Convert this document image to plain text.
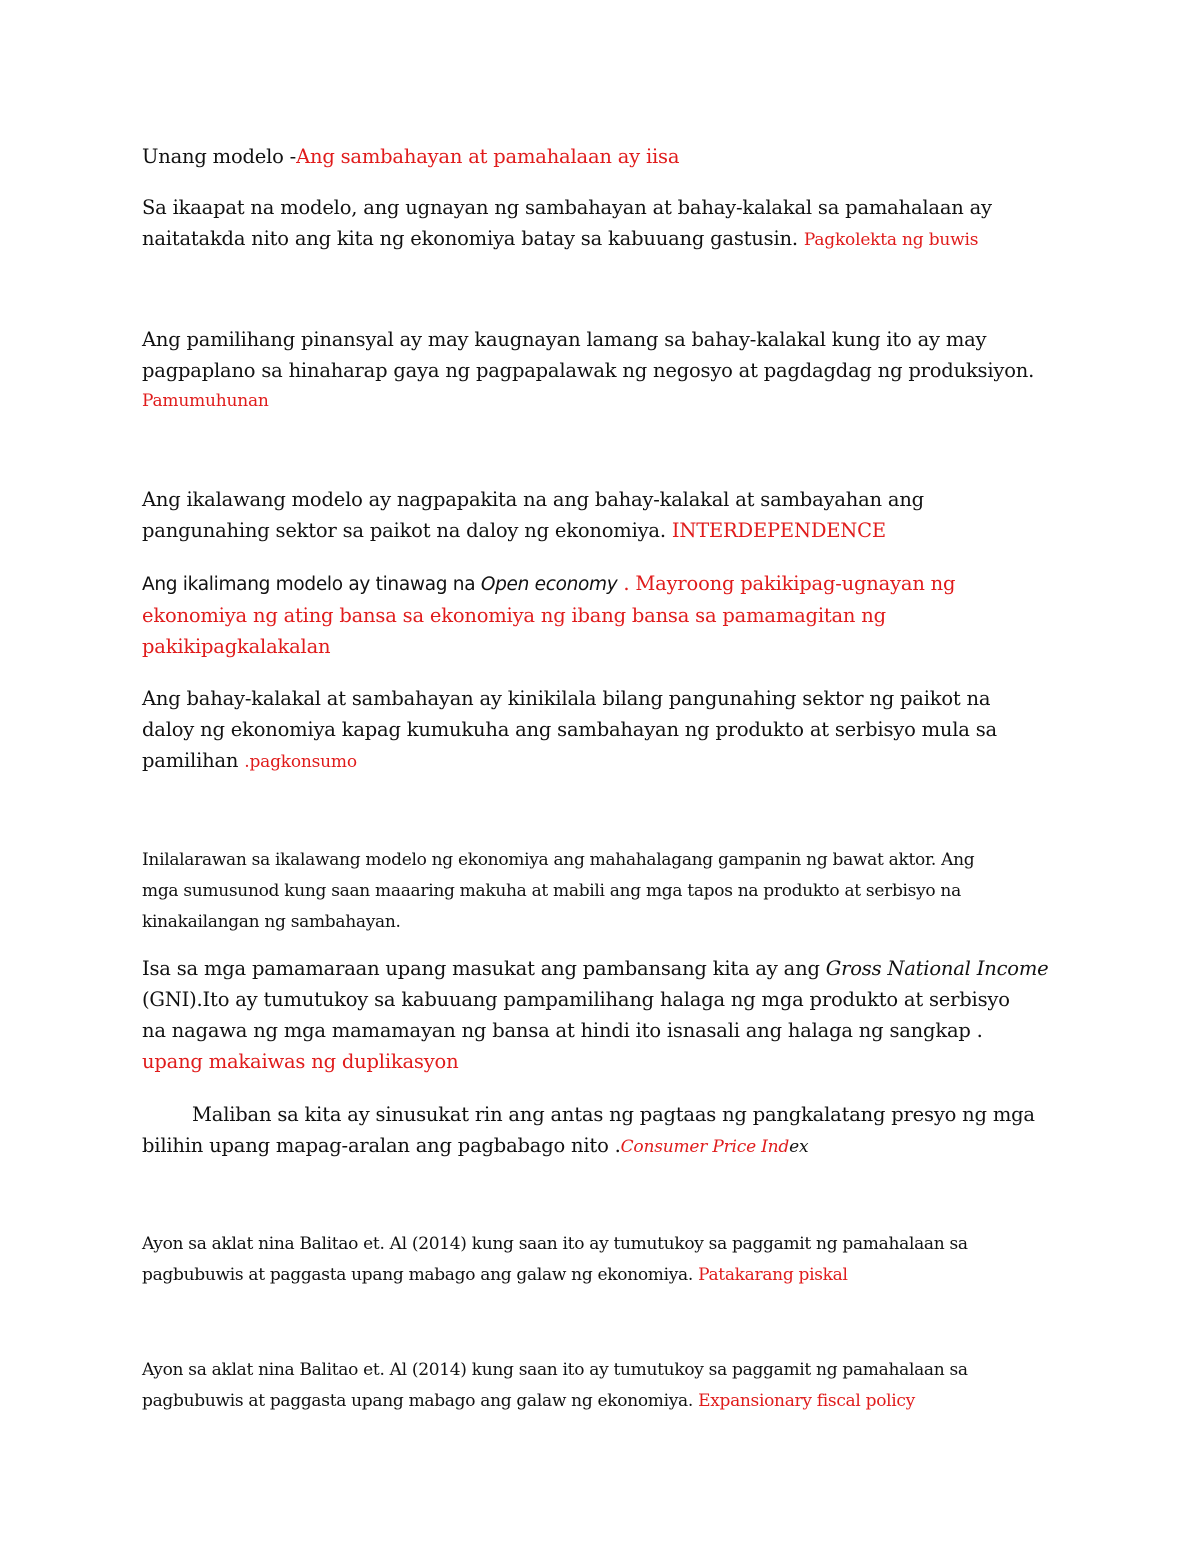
Unang modelo -Ang sambahayan at pamahalaan ay iisa

Sa ikaapat na modelo, ang ugnayan ng sambahayan at bahay-kalakal sa pamahalaan ay
naitatakda nito ang kita ng ekonomiya batay sa kabuuang gastusin. Pagkolekta ng buwis

Ang pamilihang pinansyal ay may kaugnayan lamang sa bahay-kalakal kung ito ay may
pagpaplano sa hinaharap gaya ng pagpapalawak ng negosyo at pagdagdag ng produksiyon.
Pamumuhunan

Ang ikalawang modelo ay nagpapakita na ang bahay-kalakal at sambayahan ang
pangunahing sektor sa paikot na daloy ng ekonomiya. INTERDEPENDENCE

Ang ikalimang modelo ay tinawag na Open economy . Mayroong pakikipag-ugnayan ng
ekonomiya ng ating bansa sa ekonomiya ng ibang bansa sa pamamagitan ng
pakikipagkalakalan

Ang bahay-kalakal at sambahayan ay kinikilala bilang pangunahing sektor ng paikot na
daloy ng ekonomiya kapag kumukuha ang sambahayan ng produkto at serbisyo mula sa
pamilihan .pagkonsumo

Inilalarawan sa ikalawang modelo ng ekonomiya ang mahahalagang gampanin ng bawat aktor. Ang
mga sumusunod kung saan maaaring makuha at mabili ang mga tapos na produkto at serbisyo na
kinakailangan ng sambahayan.

Isa sa mga pamamaraan upang masukat ang pambansang kita ay ang Gross National Income
(GNI).Ito ay tumutukoy sa kabuuang pampamilihang halaga ng mga produkto at serbisyo
na nagawa ng mga mamamayan ng bansa at hindi ito isnasali ang halaga ng sangkap .
upang makaiwas ng duplikasyon

Maliban sa kita ay sinusukat rin ang antas ng pagtaas ng pangkalatang presyo ng mga
bilihin upang mapag-aralan ang pagbabago nito .Consumer Price Index

Ayon sa aklat nina Balitao et. Al (2014) kung saan ito ay tumutukoy sa paggamit ng pamahalaan sa
pagbubuwis at paggasta upang mabago ang galaw ng ekonomiya. Patakarang piskal

Ayon sa aklat nina Balitao et. Al (2014) kung saan ito ay tumutukoy sa paggamit ng pamahalaan sa
pagbubuwis at paggasta upang mabago ang galaw ng ekonomiya. Expansionary fiscal policy
